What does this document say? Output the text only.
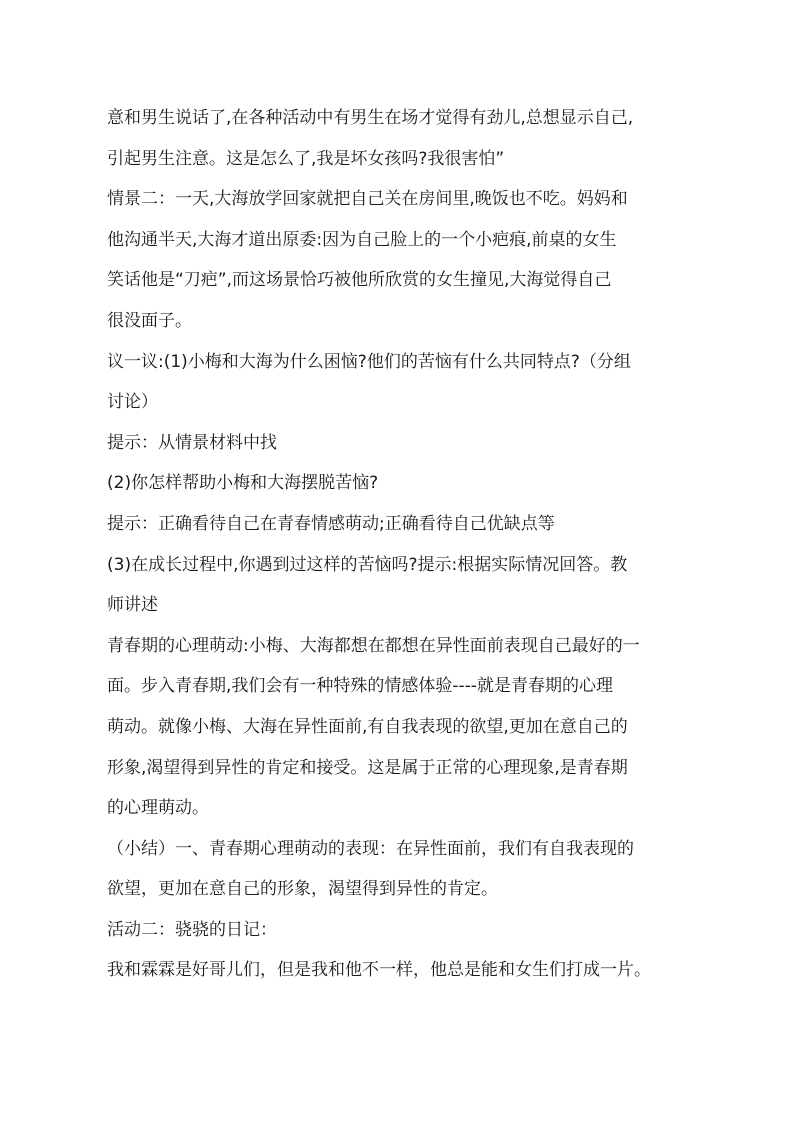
意和男生说话了,在各种活动中有男生在场才觉得有劲儿,总想显示自己,
引起男生注意。这是怎么了,我是坏女孩吗?我很害怕”
情景二：一天,大海放学回家就把自己关在房间里,晚饭也不吃。妈妈和
他沟通半天,大海才道出原委:因为自己脸上的一个小疤痕,前桌的女生
笑话他是“刀疤”,而这场景恰巧被他所欣赏的女生撞见,大海觉得自己
很没面子。
议一议:(1)小梅和大海为什么困恼?他们的苦恼有什么共同特点?（分组
讨论）
提示：从情景材料中找
(2)你怎样帮助小梅和大海摆脱苦恼?
提示：正确看待自己在青春情感萌动;正确看待自己优缺点等
(3)在成长过程中,你遇到过这样的苦恼吗?提示:根据实际情况回答。教
师讲述
青春期的心理萌动:小梅、大海都想在都想在异性面前表现自己最好的一
面。步入青春期,我们会有一种特殊的情感体验----就是青春期的心理
萌动。就像小梅、大海在异性面前,有自我表现的欲望,更加在意自己的
形象,渴望得到异性的肯定和接受。这是属于正常的心理现象,是青春期
的心理萌动。
（小结）一、青春期心理萌动的表现：在异性面前，我们有自我表现的
欲望，更加在意自己的形象，渴望得到异性的肯定。
活动二：骁骁的日记：
我和霖霖是好哥儿们，但是我和他不一样，他总是能和女生们打成一片。
